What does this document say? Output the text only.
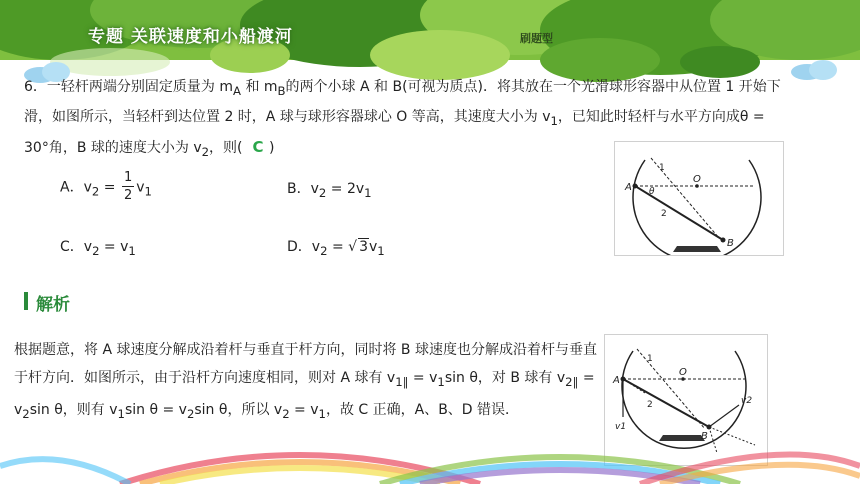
专题 关联速度和小船渡河	刷题型
6．一轻杆两端分别固定质量为 $m_A$ 和 $m_B$的两个小球 A 和 B(可视为质点)．将其放在一个光滑球形容器中从位置 1 开始下滑，如图所示，当轻杆到达位置 2 时，A 球与球形容器球心 O 等高，其速度大小为 $v_1$，已知此时轻杆与水平方向成θ = 30°角，B 球的速度大小为 $v_2$，则( C )
A．$v_2 = \frac{1}{2} v_1$	B．$v_2 = 2v_1$
C．$v_2 = v_1$	D．$v_2$ = √ $3v_1$
A
B
O
1
2
θ
解析
根据题意，将 A 球速度分解成沿着杆与垂直于杆方向，同时将 B 球速度也分解成沿着杆与垂直于杆方向．如图所示，由于沿杆方向速度相同，则对 A 球有 $v_{1\parallel} = v_1\sin$ θ，对 B 球有 $v_{2\parallel} = v_2\sin$ θ，则有 $v_1\sin$ $\theta = v_2\sin$ θ，所以 $v_2 = v_1$，故 C 正确，A、B、D 错误．
A
B
O
1
2
v1
v2
